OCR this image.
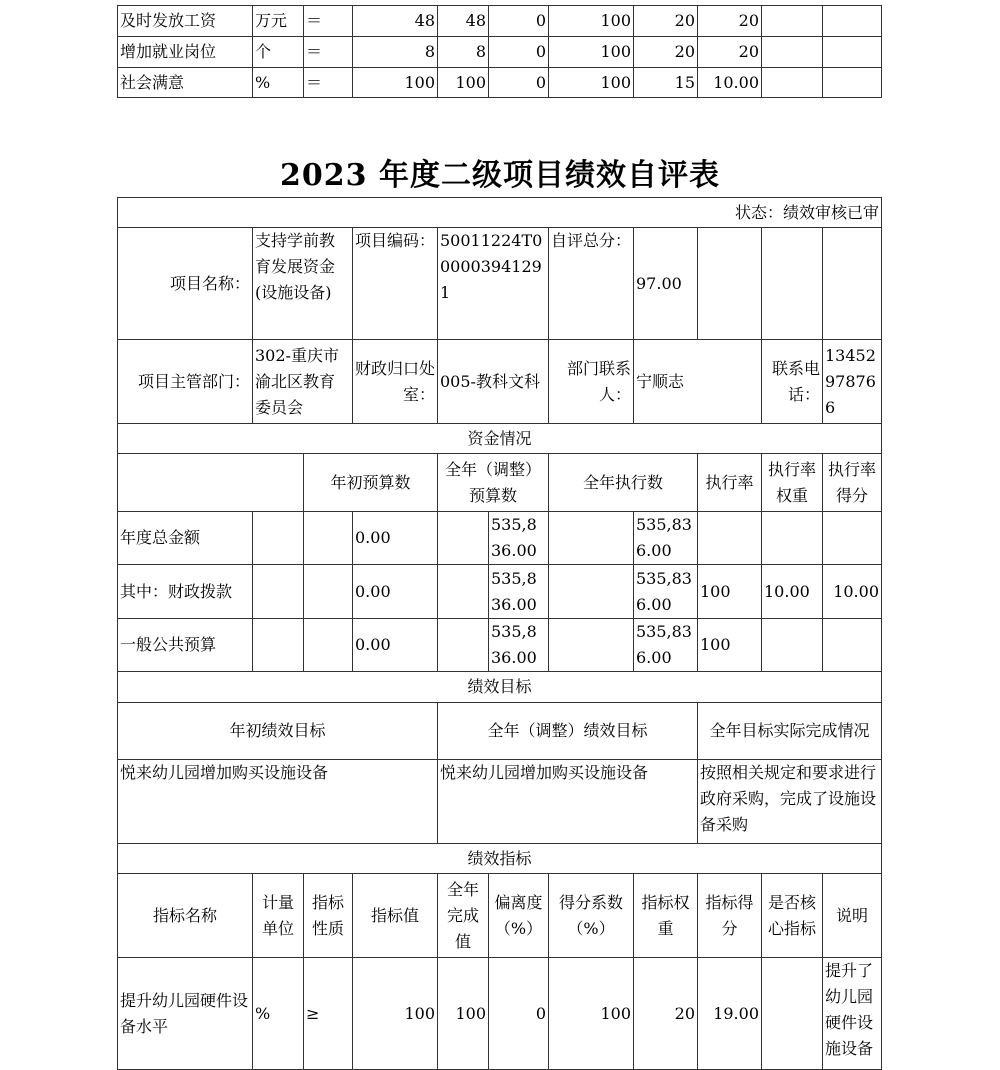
及时发放工资	万元	＝	48	48	0	100	20	20		
增加就业岗位	个	＝	8	8	0	100	20	20		
社会满意	%	＝	100	100	0	100	15	10.00		
2023 年度二级项目绩效自评表
状态：绩效审核已审										
项目名称：	支持学前教育发展资金(设施设备)		项目编码：	50011224T000003941291		自评总分：	97.00			
项目主管部门：	302-重庆市渝北区教育委员会		财政归口处室：	005-教科文科		部门联系人：	宁顺志		联系电话：	13452978766
资金情况										
		年初预算数		全年（调整）预算数		全年执行数		执行率	执行率权重	执行率得分
年度总金额			0.00		535,836.00		535,836.00			
其中：财政拨款			0.00		535,836.00		535,836.00	100	10.00	10.00
一般公共预算			0.00		535,836.00		535,836.00	100		
绩效目标										
年初绩效目标				全年（调整）绩效目标				全年目标实际完成情况		
悦来幼儿园增加购买设施设备				悦来幼儿园增加购买设施设备				按照相关规定和要求进行政府采购，完成了设施设备采购		
绩效指标										
指标名称	计量单位	指标性质	指标值	全年完成值	偏离度（%）	得分系数（%）	指标权重	指标得分	是否核心指标	说明
提升幼儿园硬件设备水平	%	≥	100	100	0	100	20	19.00		提升了幼儿园硬件设施设备
